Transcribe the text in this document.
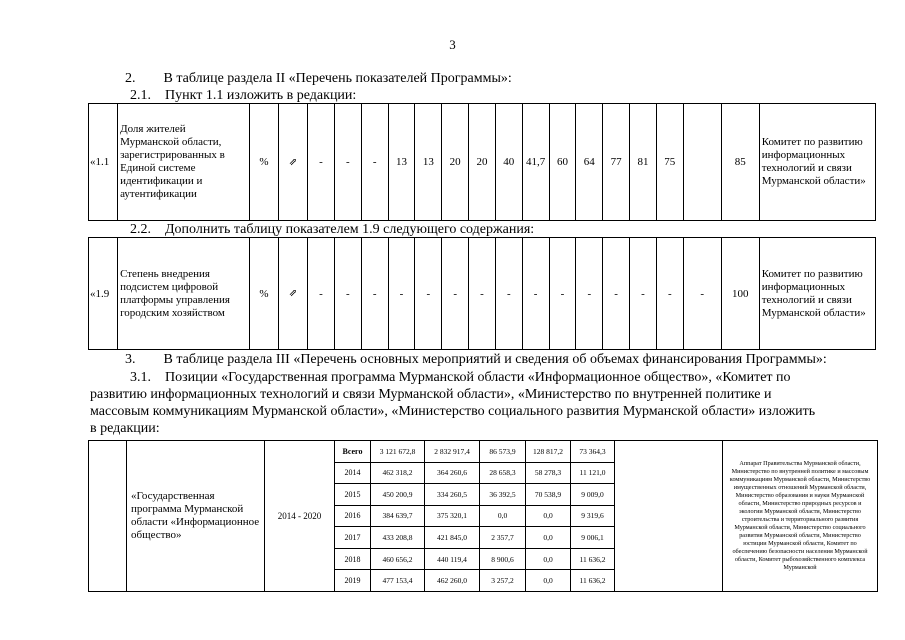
3
2.  В таблице раздела II «Перечень показателей Программы»:
2.1. Пункт 1.1 изложить в редакции:
«1.1	Доля жителей Мурманской области, зарегистрированных в Единой системе идентификации и аутентификации	%	⇗	-	-	-	13	13	20	20	40	41,7	60	64	77	81	75		85	Комитет по развитию информационных технологий и связи Мурманской области»
2.2. Дополнить таблицу показателем 1.9 следующего содержания:
«1.9	Степень внедрения подсистем цифровой платформы управления городским хозяйством	%	⇗	-	-	-	-	-	-	-	-	-	-	-	-	-	-	-	100	Комитет по развитию информационных технологий и связи Мурманской области»
3.  В таблице раздела III «Перечень основных мероприятий и сведения об объемах финансирования Программы»:
3.1. Позиции «Государственная программа Мурманской области «Информационное общество», «Комитет по
развитию информационных технологий и связи Мурманской области», «Министерство по внутренней политике и
массовым коммуникациям Мурманской области», «Министерство социального развития Мурманской области» изложить
в редакции:
	«Государственная программа Мурманской области «Информационное общество»	2014 - 2020	Всего	3 121 672,8	2 832 917,4	86 573,9	128 817,2	73 364,3		Аппарат Правительства Мурманской области, Министерство по внутренней политике и массовым коммуникациям Мурманской области, Министерство имущественных отношений Мурманской области, Министерство образования и науки Мурманской области, Министерство природных ресурсов и экологии Мурманской области, Министерство строительства и территориального развития Мурманской области, Министерство социального развития Мурманской области, Министерство юстиции Мурманской области, Комитет по обеспечению безопасности населения Мурманской области, Комитет рыбохозяйственного комплекса Мурманской
			2014	462 318,2	364 260,6	28 658,3	58 278,3	11 121,0		
			2015	450 200,9	334 260,5	36 392,5	70 538,9	9 009,0		
			2016	384 639,7	375 320,1	0,0	0,0	9 319,6		
			2017	433 208,8	421 845,0	2 357,7	0,0	9 006,1		
			2018	460 656,2	440 119,4	8 900,6	0,0	11 636,2		
			2019	477 153,4	462 260,0	3 257,2	0,0	11 636,2		
